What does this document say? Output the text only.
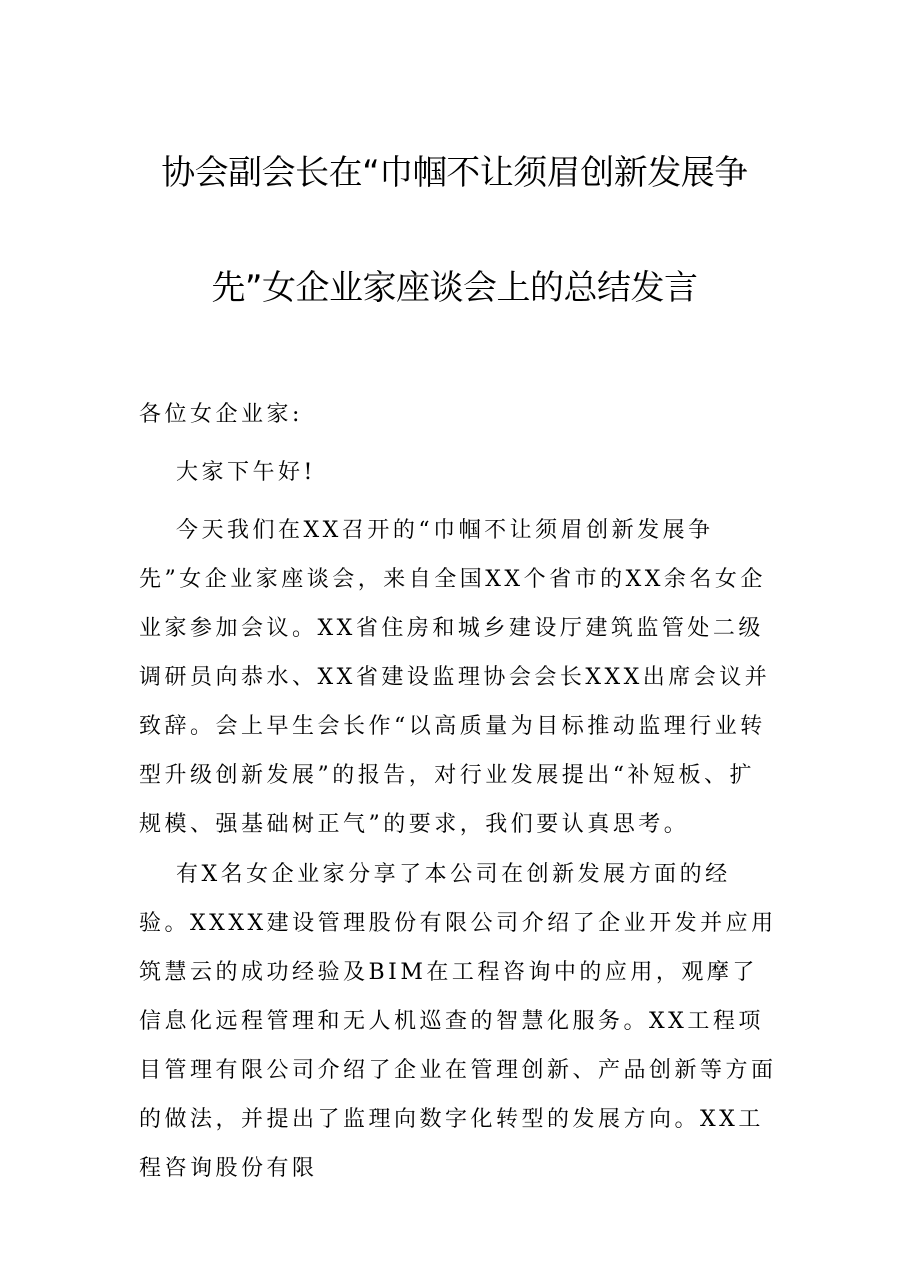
协会副会长在“巾帼不让须眉创新发展争
先”女企业家座谈会上的总结发言
各位女企业家:
大家下午好!

今天我们在XX召开的“巾帼不让须眉创新发展争先”女企业家座谈会，来自全国XX个省市的XX余名女企业家参加会议。XX省住房和城乡建设厅建筑监管处二级调研员向恭水、XX省建设监理协会会长XXX出席会议并致辞。会上早生会长作“以高质量为目标推动监理行业转型升级创新发展”的报告，对行业发展提出“补短板、扩规模、强基础树正气”的要求，我们要认真思考。

有X名女企业家分享了本公司在创新发展方面的经验。XXXX建设管理股份有限公司介绍了企业开发并应用筑慧云的成功经验及BIM在工程咨询中的应用，观摩了信息化远程管理和无人机巡查的智慧化服务。XX工程项目管理有限公司介绍了企业在管理创新、产品创新等方面的做法，并提出了监理向数字化转型的发展方向。XX工程咨询股份有限
